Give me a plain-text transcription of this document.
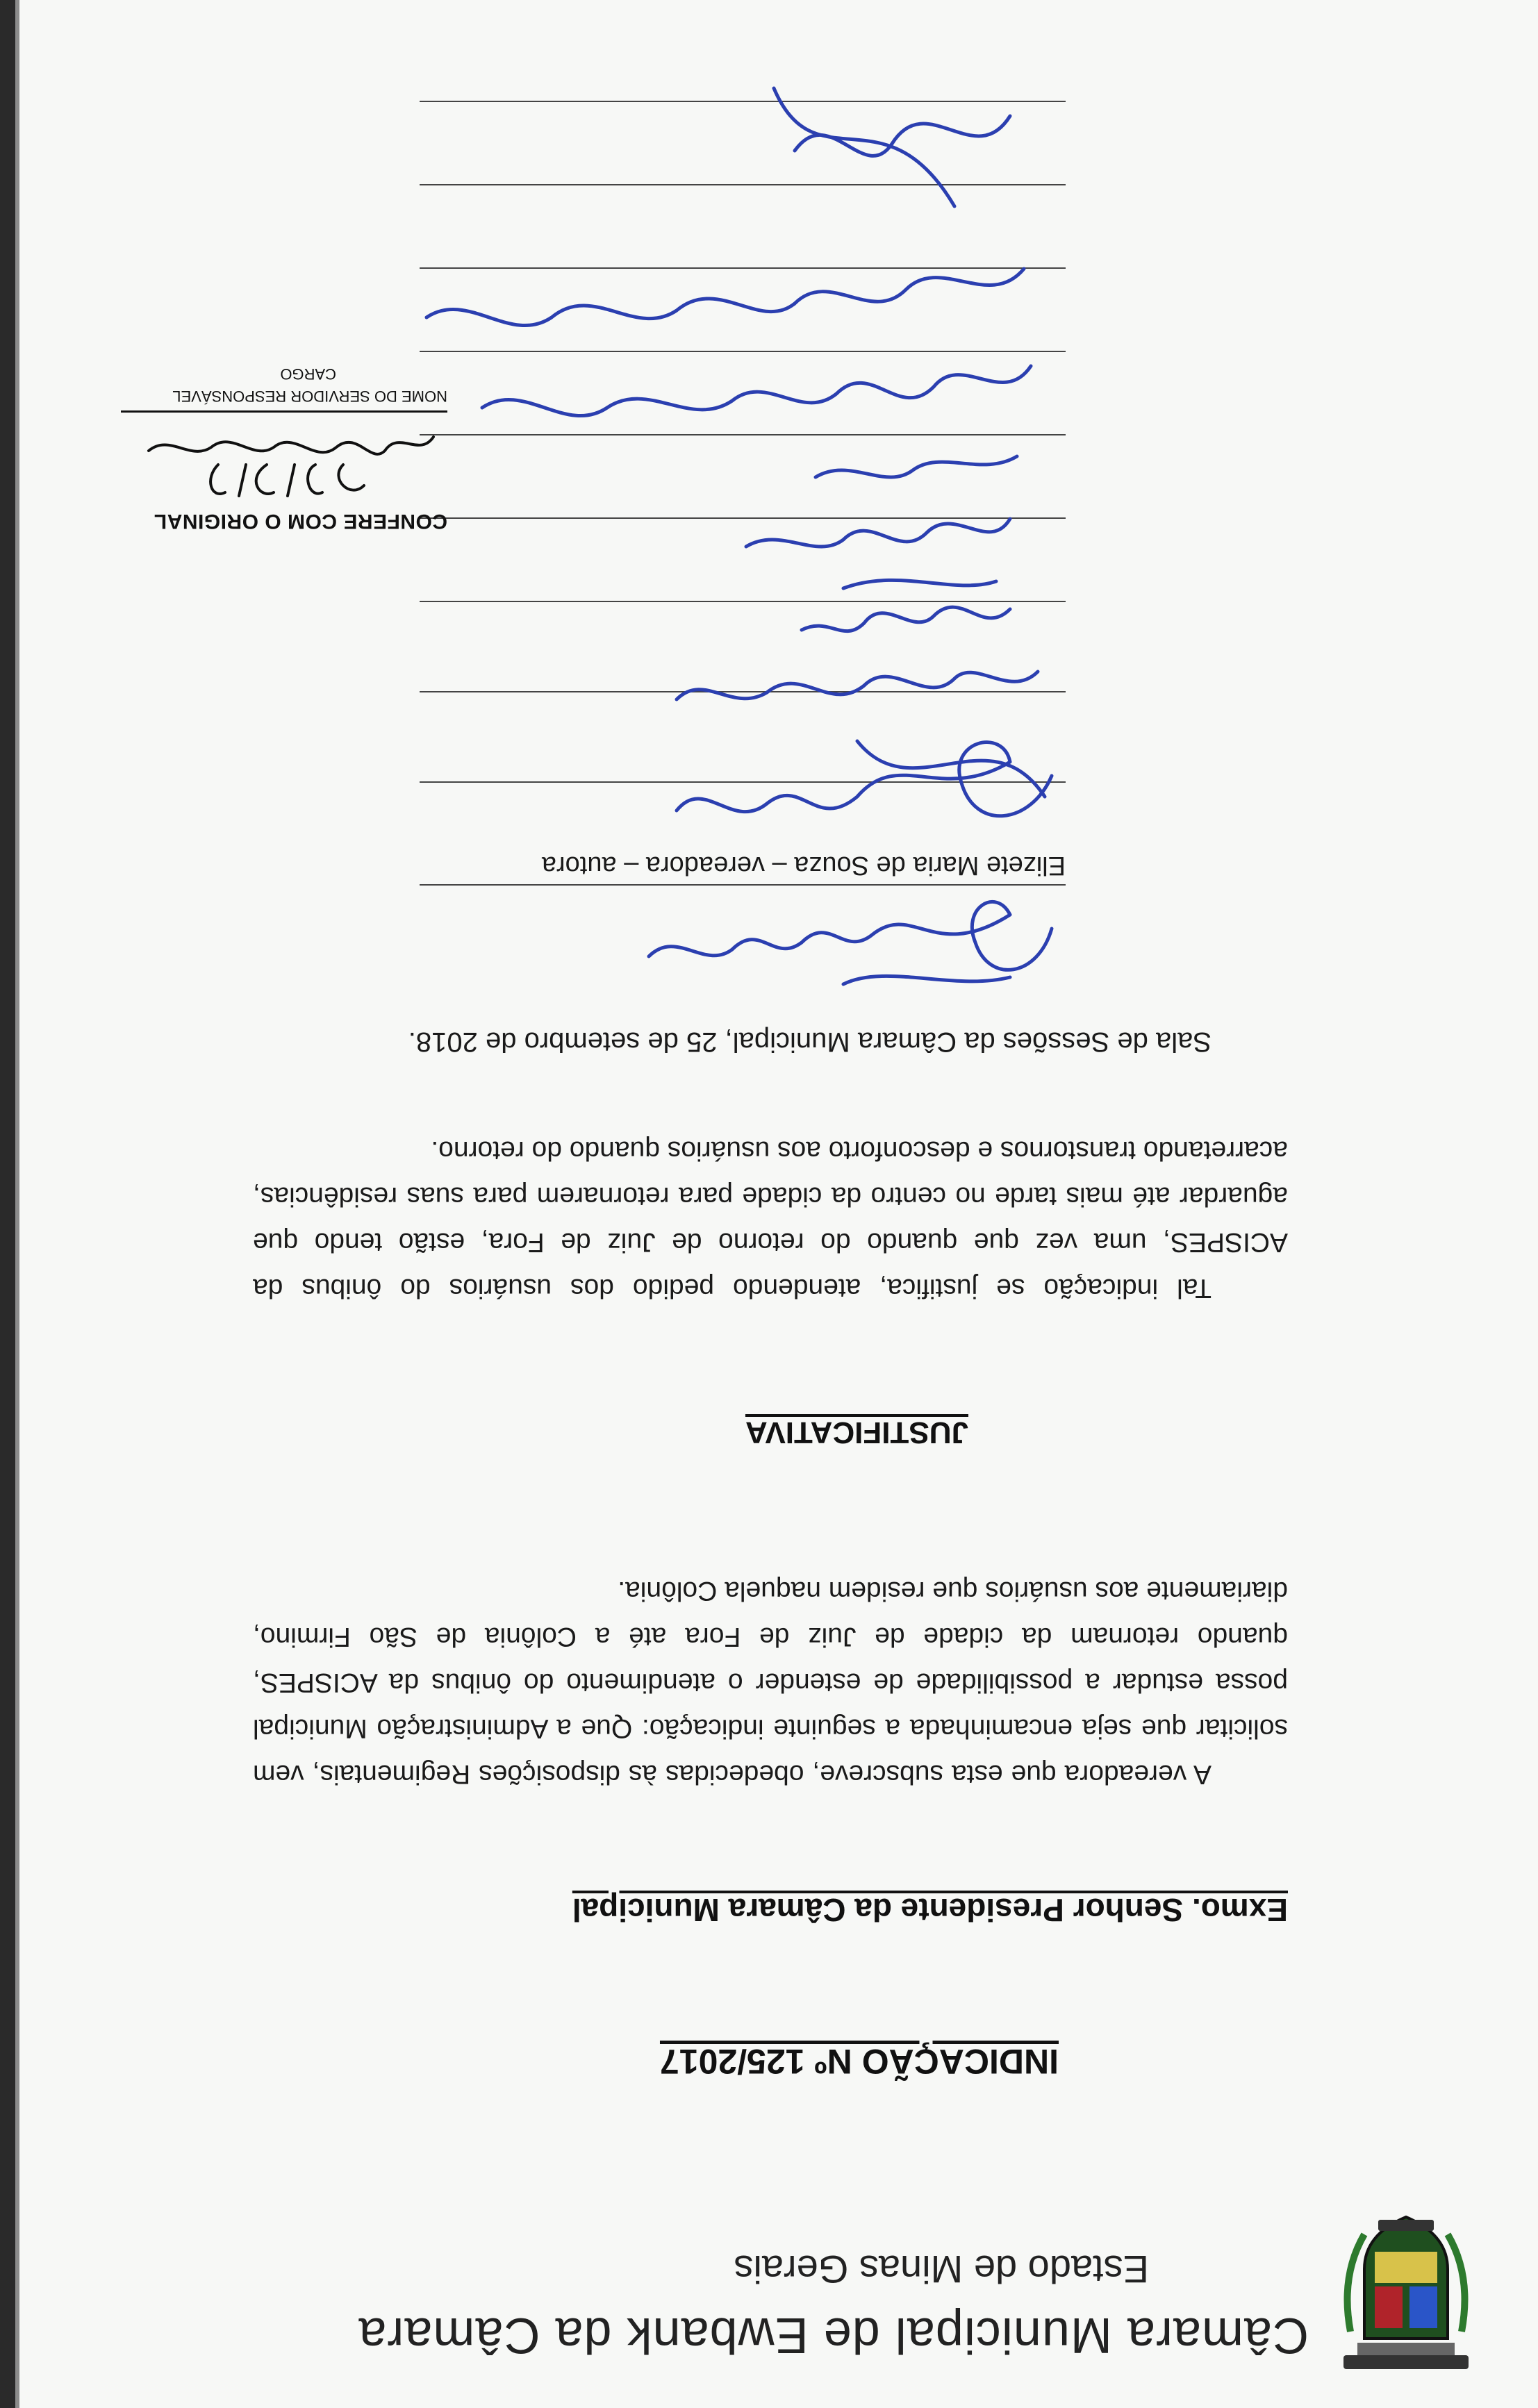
Câmara Municipal de Ewbank da Câmara
Estado de Minas Gerais
INDICAÇÃO Nº 125/2017
Exmo. Senhor Presidente da Câmara Municipal
A vereadora que esta subscreve, obedecidas às disposições Regimentais, vem solicitar que seja encaminhada a seguinte indicação: Que a Administração Municipal possa estudar a possibilidade de estender o atendimento do ônibus da ACISPES, quando retornam da cidade de Juiz de Fora até a Colônia de São Firmino, diariamente aos usuários que residem naquela Colônia.
JUSTIFICATIVA
Tal indicação se justifica, atendendo pedido dos usuários do ônibus da ACISPES, uma vez que quando do retorno de Juiz de Fora, estão tendo que aguardar até mais tarde no centro da cidade para retornarem para suas residências, acarretando transtornos e desconforto aos usuários quando do retorno.
Sala de Sessões da Câmara Municipal, 25 de setembro de 2018.
Elizete Maria de Souza – vereadora – autora
CONFERE COM O ORIGINAL
NOME DO SERVIDOR RESPONSÁVEL
CARGO
